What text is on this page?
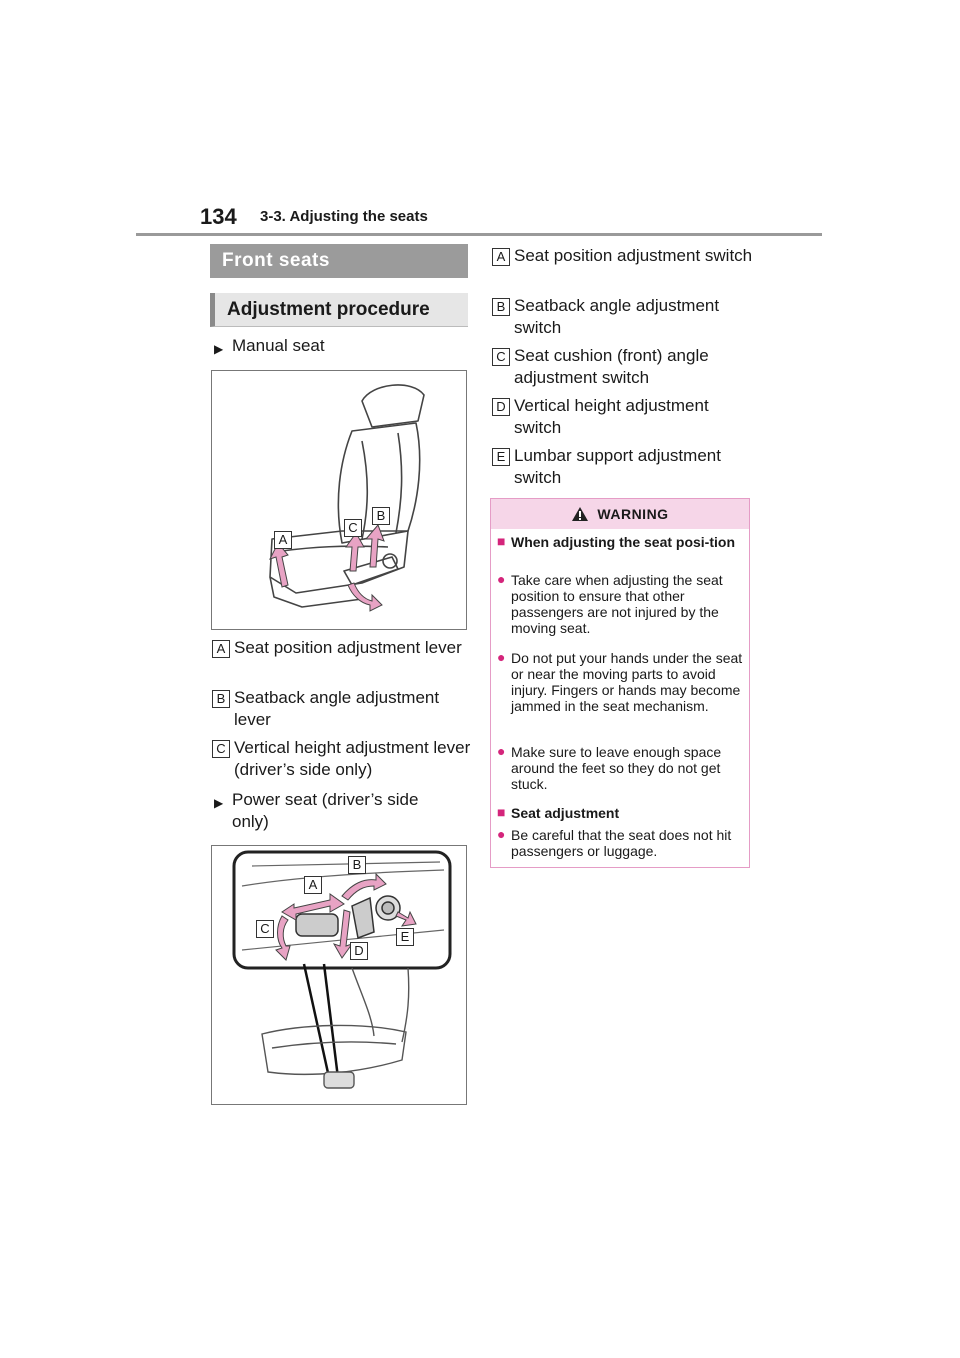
134 3-3. Adjusting the seats
Front seats
Adjustment procedure
▶ Manual seat
A
C
B
A Seat position adjustment lever
B Seatback angle adjustment lever
C Vertical height adjustment lever (driver’s side only)
▶ Power seat (driver’s side only)
A
B
C
D
E
A Seat position adjustment switch
B Seatback angle adjustment switch
C Seat cushion (front) angle adjustment switch
D Vertical height adjustment switch
E Lumbar support adjustment switch
WARNING
■ When adjusting the seat posi-tion
● Take care when adjusting the seat position to ensure that other passengers are not injured by the moving seat.
● Do not put your hands under the seat or near the moving parts to avoid injury. Fingers or hands may become jammed in the seat mechanism.
● Make sure to leave enough space around the feet so they do not get stuck.
■ Seat adjustment
● Be careful that the seat does not hit passengers or luggage.
